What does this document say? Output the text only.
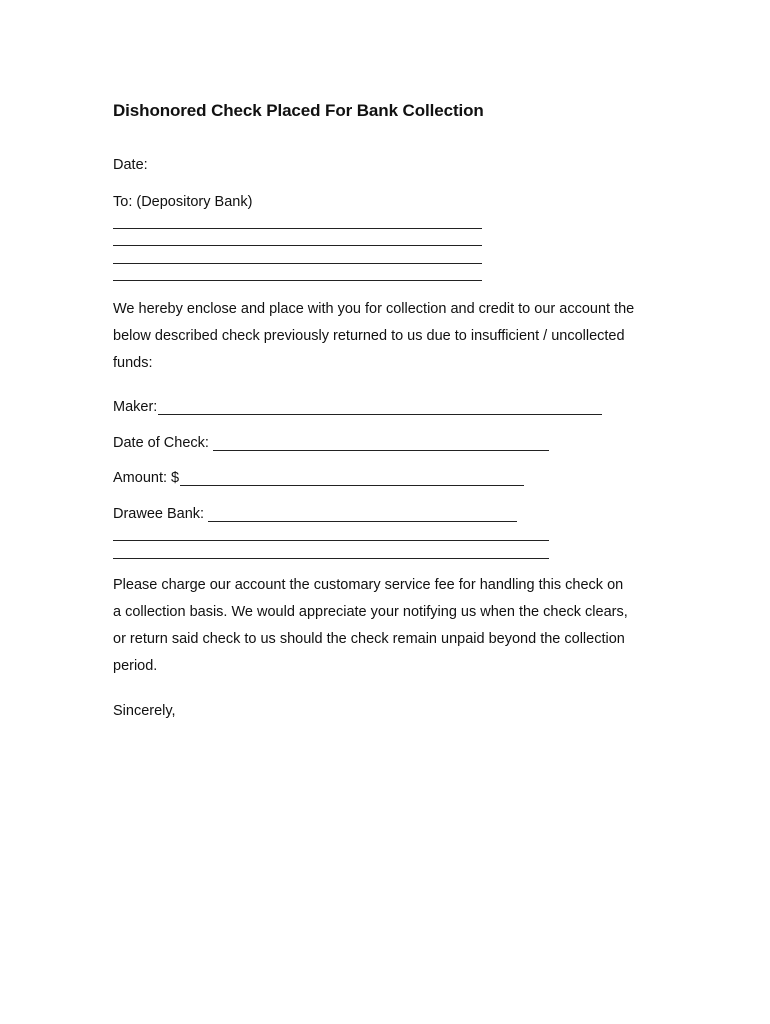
Dishonored Check Placed For Bank Collection
Date:
To: (Depository Bank)
We hereby enclose and place with you for collection and credit to our account the
below described check previously returned to us due to insufficient / uncollected
funds:
Maker:
Date of Check:
Amount: $
Drawee Bank:
Please charge our account the customary service fee for handling this check on
a collection basis. We would appreciate your notifying us when the check clears,
or return said check to us should the check remain unpaid beyond the collection
period.
Sincerely,
